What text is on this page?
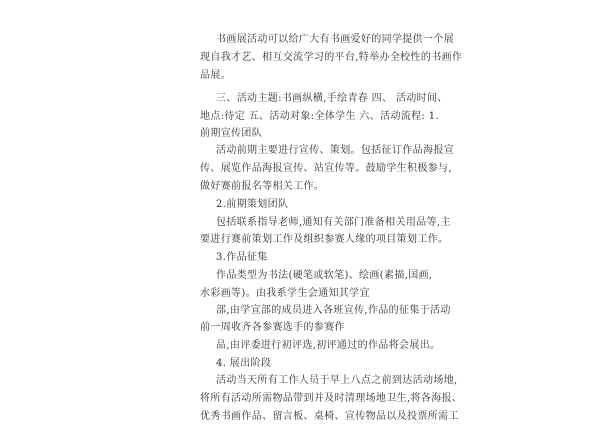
书画展活动可以给广大有书画爱好的同学提供一个展
现自我才艺、相互交流学习的平台,特举办全校性的书画作
品展。
三、活动主题:书画纵横,手绘青春 四、 活动时间、
地点:待定 五、活动对象:全体学生 六、活动流程: 1.
前期宣传团队
活动前期主要进行宣传、策划。包括征订作品海报宣
传、展览作品海报宣传、站宣传等。鼓励学生积极参与,
做好赛前报名等相关工作。
2.前期策划团队
包括联系指导老师,通知有关部门准备相关用品等,主
要进行赛前策划工作及组织参赛人缘的项目策划工作。
3.作品征集
作品类型为书法(硬笔或软笔)、绘画(素描,国画,
水彩画等)。由我系学生会通知其学宜
部,由学宣部的成员进入各班宣传,作品的征集于活动
前一周收齐各参赛选手的参赛作
品,由评委进行初评选,初评通过的作品将会展出。
4. 展出阶段
活动当天所有工作人员于早上八点之前到达活动场地,
将所有活动所需物品带到并及时清理场地卫生,将各海报、
优秀书画作品、留言板、桌椅、宣传物品以及投票所需工
